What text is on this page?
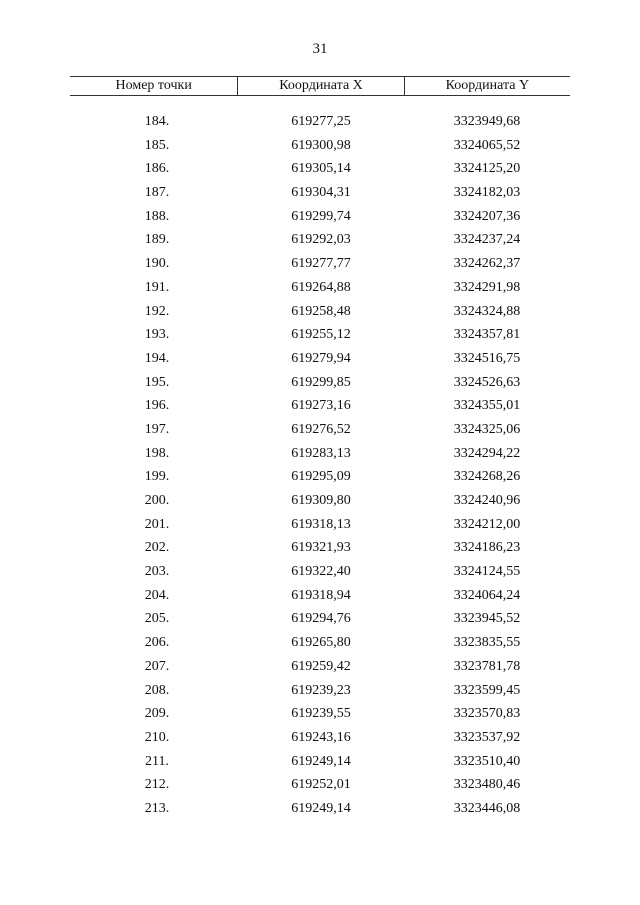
31
Номер точки	Координата X	Координата Y
184.	619277,25	3323949,68
185.	619300,98	3324065,52
186.	619305,14	3324125,20
187.	619304,31	3324182,03
188.	619299,74	3324207,36
189.	619292,03	3324237,24
190.	619277,77	3324262,37
191.	619264,88	3324291,98
192.	619258,48	3324324,88
193.	619255,12	3324357,81
194.	619279,94	3324516,75
195.	619299,85	3324526,63
196.	619273,16	3324355,01
197.	619276,52	3324325,06
198.	619283,13	3324294,22
199.	619295,09	3324268,26
200.	619309,80	3324240,96
201.	619318,13	3324212,00
202.	619321,93	3324186,23
203.	619322,40	3324124,55
204.	619318,94	3324064,24
205.	619294,76	3323945,52
206.	619265,80	3323835,55
207.	619259,42	3323781,78
208.	619239,23	3323599,45
209.	619239,55	3323570,83
210.	619243,16	3323537,92
211.	619249,14	3323510,40
212.	619252,01	3323480,46
213.	619249,14	3323446,08
